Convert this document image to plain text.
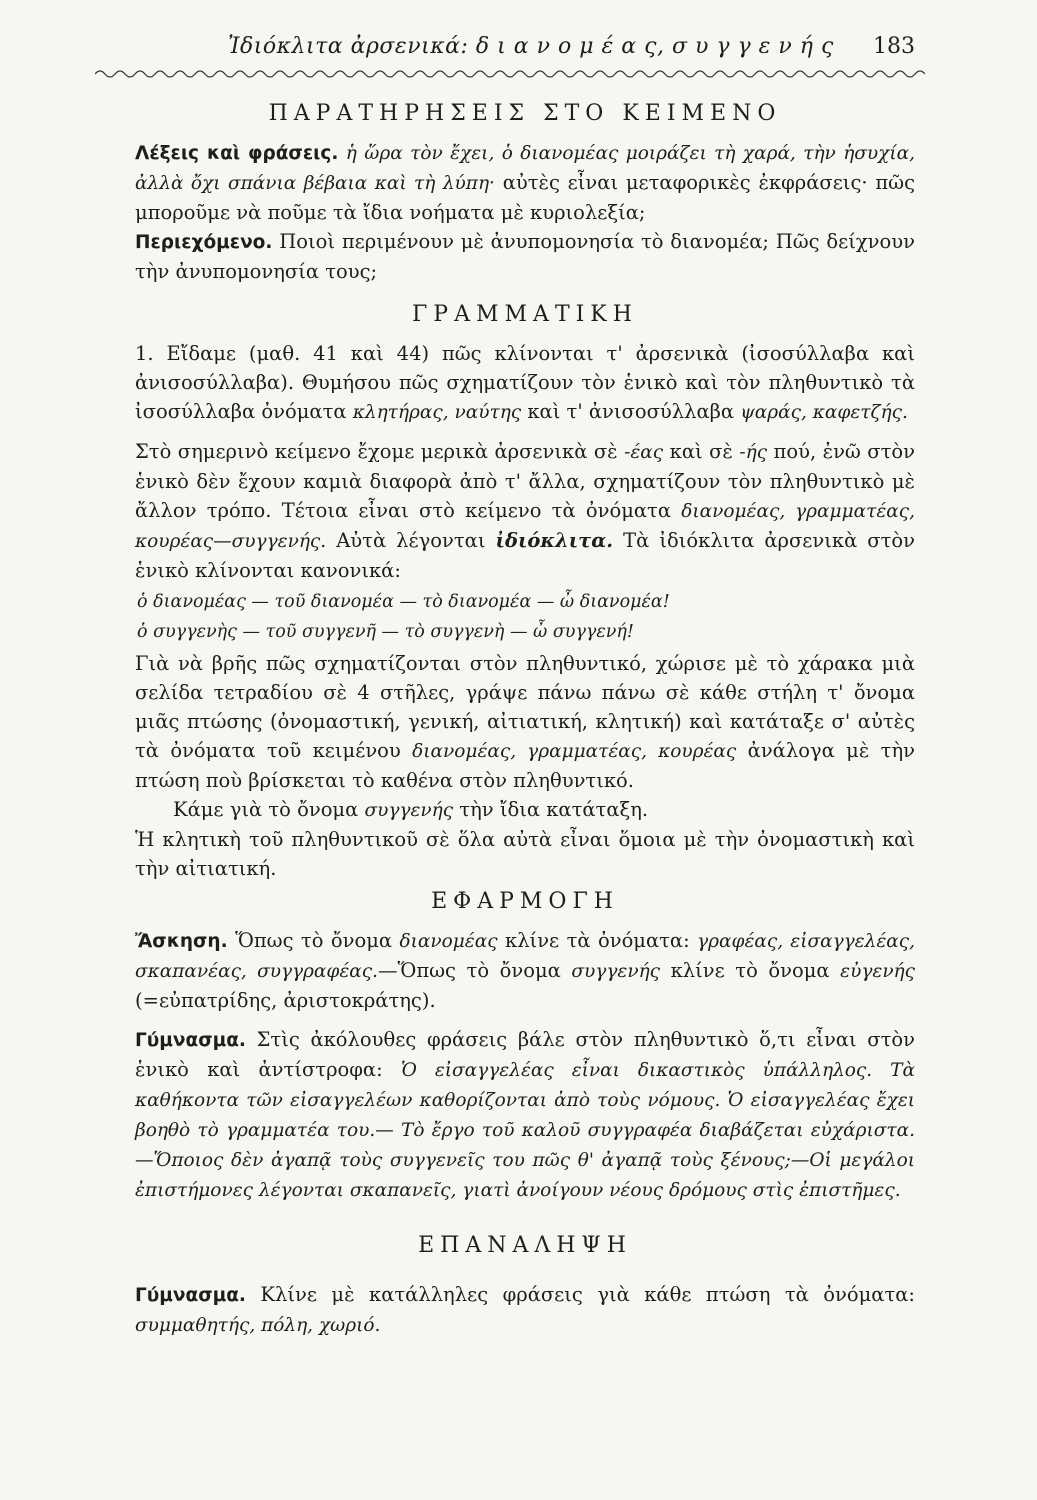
Ἰδιόκλιτα ἀρσενικά: δ ι α ν ο μ έ α ς, σ υ γ γ ε ν ή ς 183
ΠΑΡΑΤΗΡΗΣΕΙΣ ΣΤΟ ΚΕΙΜΕΝΟ

Λέξεις καὶ φράσεις. ἡ ὥρα τὸν ἔχει, ὁ διανομέας μοιράζει τὴ χαρά, τὴν ἡσυχία, ἀλλὰ ὄχι σπάνια βέβαια καὶ τὴ λύπη· αὐτὲς εἶναι μεταφορικὲς ἐκφράσεις· πῶς μποροῦμε νὰ ποῦμε τὰ ἴδια νοήματα μὲ κυριολεξία;

Περιεχόμενο. Ποιοὶ περιμένουν μὲ ἀνυπομονησία τὸ διανομέα; Πῶς δείχνουν τὴν ἀνυπομονησία τους;

ΓΡΑΜΜΑΤΙΚΗ

1. Εἴδαμε (μαθ. 41 καὶ 44) πῶς κλίνονται τ' ἀρσενικὰ (ἰσοσύλλαβα καὶ ἀνισοσύλλαβα). Θυμήσου πῶς σχηματίζουν τὸν ἑνικὸ καὶ τὸν πληθυντικὸ τὰ ἰσοσύλλαβα ὀνόματα κλητήρας, ναύτης καὶ τ' ἀνισοσύλλαβα ψαράς, καφετζής.

Στὸ σημερινὸ κείμενο ἔχομε μερικὰ ἀρσενικὰ σὲ -έας καὶ σὲ -ής πού, ἐνῶ στὸν ἑνικὸ δὲν ἔχουν καμιὰ διαφορὰ ἀπὸ τ' ἄλλα, σχηματίζουν τὸν πληθυντικὸ μὲ ἄλλον τρόπο. Τέτοια εἶναι στὸ κείμενο τὰ ὀνόματα διανομέας, γραμματέας, κουρέας—συγγενής. Αὐτὰ λέγονται ἰδιόκλιτα. Τὰ ἰδιόκλιτα ἀρσενικὰ στὸν ἑνικὸ κλίνονται κανονικά:

ὁ διανομέας — τοῦ διανομέα — τὸ διανομέα — ὦ διανομέα!
ὁ συγγενὴς — τοῦ συγγενῆ — τὸ συγγενὴ — ὦ συγγενή!

Γιὰ νὰ βρῆς πῶς σχηματίζονται στὸν πληθυντικό, χώρισε μὲ τὸ χάρακα μιὰ σελίδα τετραδίου σὲ 4 στῆλες, γράψε πάνω πάνω σὲ κάθε στήλη τ' ὄνομα μιᾶς πτώσης (ὀνομαστική, γενική, αἰτιατική, κλητική) καὶ κατάταξε σ' αὐτὲς τὰ ὀνόματα τοῦ κειμένου διανομέας, γραμματέας, κουρέας ἀνάλογα μὲ τὴν πτώση ποὺ βρίσκεται τὸ καθένα στὸν πληθυντικό.

Κάμε γιὰ τὸ ὄνομα συγγενής τὴν ἴδια κατάταξη.

Ἡ κλητικὴ τοῦ πληθυντικοῦ σὲ ὅλα αὐτὰ εἶναι ὅμοια μὲ τὴν ὀνομαστικὴ καὶ τὴν αἰτιατική.

ΕΦΑΡΜΟΓΗ

Ἄσκηση. Ὅπως τὸ ὄνομα διανομέας κλίνε τὰ ὀνόματα: γραφέας, εἰσαγγελέας, σκαπανέας, συγγραφέας.—Ὅπως τὸ ὄνομα συγγενής κλίνε τὸ ὄνομα εὐγενής (=εὐπατρίδης, ἀριστοκράτης).

Γύμνασμα. Στὶς ἀκόλουθες φράσεις βάλε στὸν πληθυντικὸ ὅ,τι εἶναι στὸν ἑνικὸ καὶ ἀντίστροφα: Ὁ εἰσαγγελέας εἶναι δικαστικὸς ὑπάλληλος. Τὰ καθήκοντα τῶν εἰσαγγελέων καθορίζονται ἀπὸ τοὺς νόμους. Ὁ εἰσαγγελέας ἔχει βοηθὸ τὸ γραμματέα του.— Τὸ ἔργο τοῦ καλοῦ συγγραφέα διαβάζεται εὐχάριστα.—Ὅποιος δὲν ἀγαπᾷ τοὺς συγγενεῖς του πῶς θ' ἀγαπᾷ τοὺς ξένους;—Οἱ μεγάλοι ἐπιστήμονες λέγονται σκαπανεῖς, γιατὶ ἀνοίγουν νέους δρόμους στὶς ἐπιστῆμες.

ΕΠΑΝΑΛΗΨΗ

Γύμνασμα. Κλίνε μὲ κατάλληλες φράσεις γιὰ κάθε πτώση τὰ ὀνόματα: συμμαθητής, πόλη, χωριό.
